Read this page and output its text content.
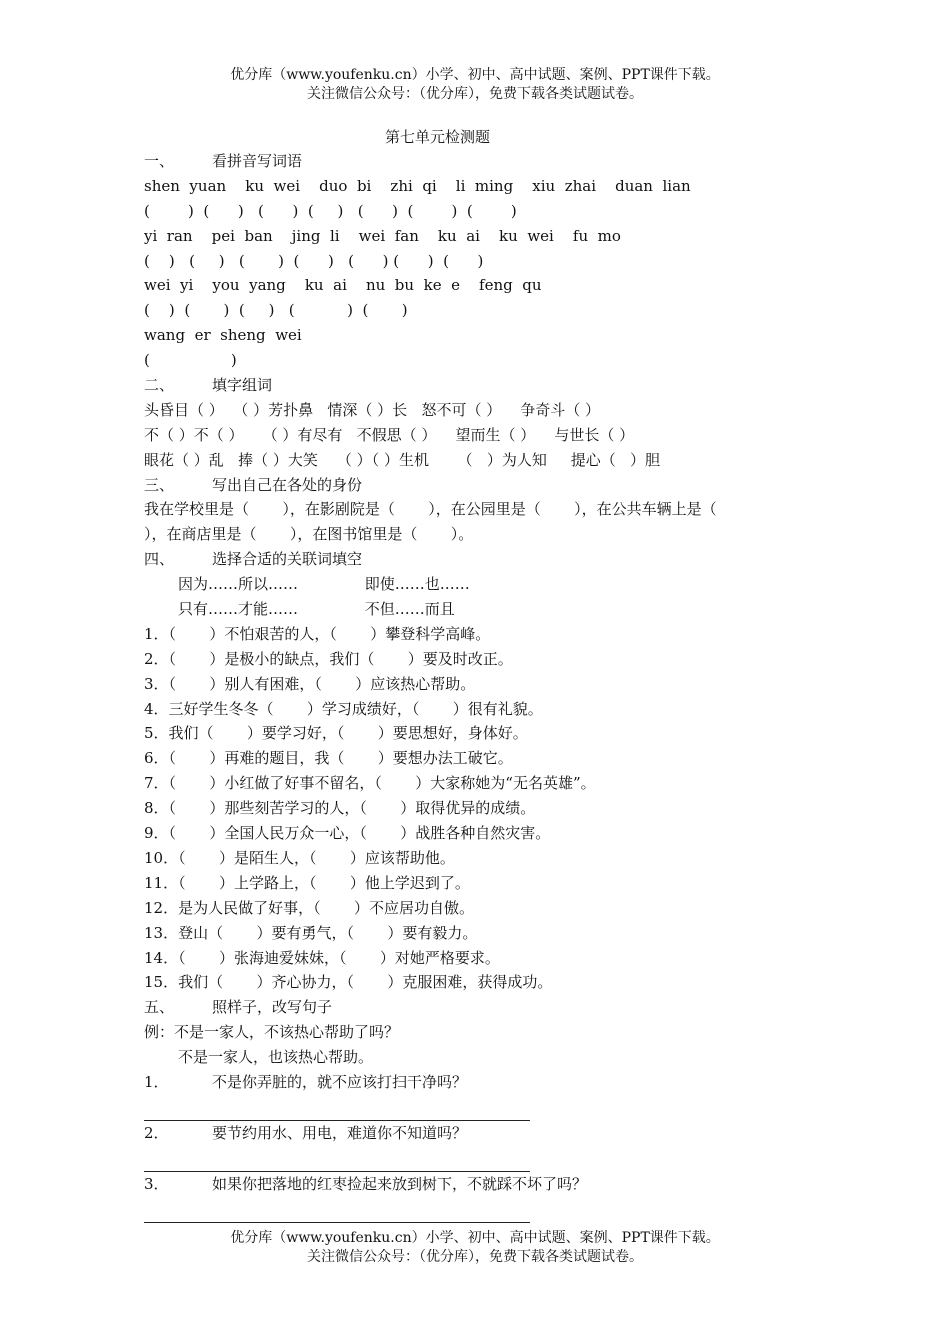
优分库（www.youfenku.cn）小学、初中、高中试题、案例、PPT课件下载。
关注微信公众号：（优分库），免费下载各类试题试卷。
第七单元检测题
一、	看拼音写词语
shen  yuan    ku  wei    duo  bi    zhi  qi    li  ming    xiu  zhai    duan  lian
(        )  (      )   (      )  (     )   (      )  (        )  (        )
yi  ran    pei  ban    jing  li    wei  fan    ku  ai    ku  wei    fu  mo
(    )   (     )   (       )  (      )   (      ) (      )  (      )
wei  yi    you  yang    ku  ai    nu  bu  ke  e    feng  qu
(    )  (       )  (     )   (           )  (       )
wang  er  sheng  wei
(                 )
二、	填字组词
头昏目（ ）  （ ）芳扑鼻   情深（ ）长   怒不可（ ）    争奇斗（ ）
不（ ）不（ ）    （ ）有尽有   不假思（ ）    望而生（ ）    与世长（ ）
眼花（ ）乱   捧（ ）大笑    （ ）（ ）生机      （   ）为人知     提心（   ）胆
三、	写出自己在各处的身份
我在学校里是（       ），在影剧院是（       ），在公园里是（       ），在公共车辆上是（
），在商店里是（       ），在图书馆里是（       ）。
四、	选择合适的关联词填空
因为……所以……              即使……也……
只有……才能……              不但……而且
1．（       ）不怕艰苦的人，（       ）攀登科学高峰。
2．（       ）是极小的缺点，我们（       ）要及时改正。
3．（       ）别人有困难，（       ）应该热心帮助。
4．三好学生冬冬（       ）学习成绩好，（       ）很有礼貌。
5．我们（       ）要学习好，（       ）要思想好，身体好。
6．（       ）再难的题目，我（       ）要想办法工破它。
7．（       ）小红做了好事不留名，（       ）大家称她为“无名英雄”。
8．（       ）那些刻苦学习的人，（       ）取得优异的成绩。
9．（       ）全国人民万众一心，（       ）战胜各种自然灾害。
10．（       ）是陌生人，（       ）应该帮助他。
11．（       ）上学路上，（       ）他上学迟到了。
12．是为人民做了好事，（       ）不应居功自傲。
13．登山（       ）要有勇气，（       ）要有毅力。
14．（       ）张海迪爱妹妹，（       ）对她严格要求。
15．我们（       ）齐心协力，（       ）克服困难，获得成功。
五、	照样子，改写句子
例：不是一家人，不该热心帮助了吗？
不是一家人，也该热心帮助。
1．	不是你弄脏的，就不应该打扫干净吗？
2．	要节约用水、用电，难道你不知道吗？
3．	如果你把落地的红枣捡起来放到树下，不就踩不坏了吗？
优分库（www.youfenku.cn）小学、初中、高中试题、案例、PPT课件下载。
关注微信公众号：（优分库），免费下载各类试题试卷。
